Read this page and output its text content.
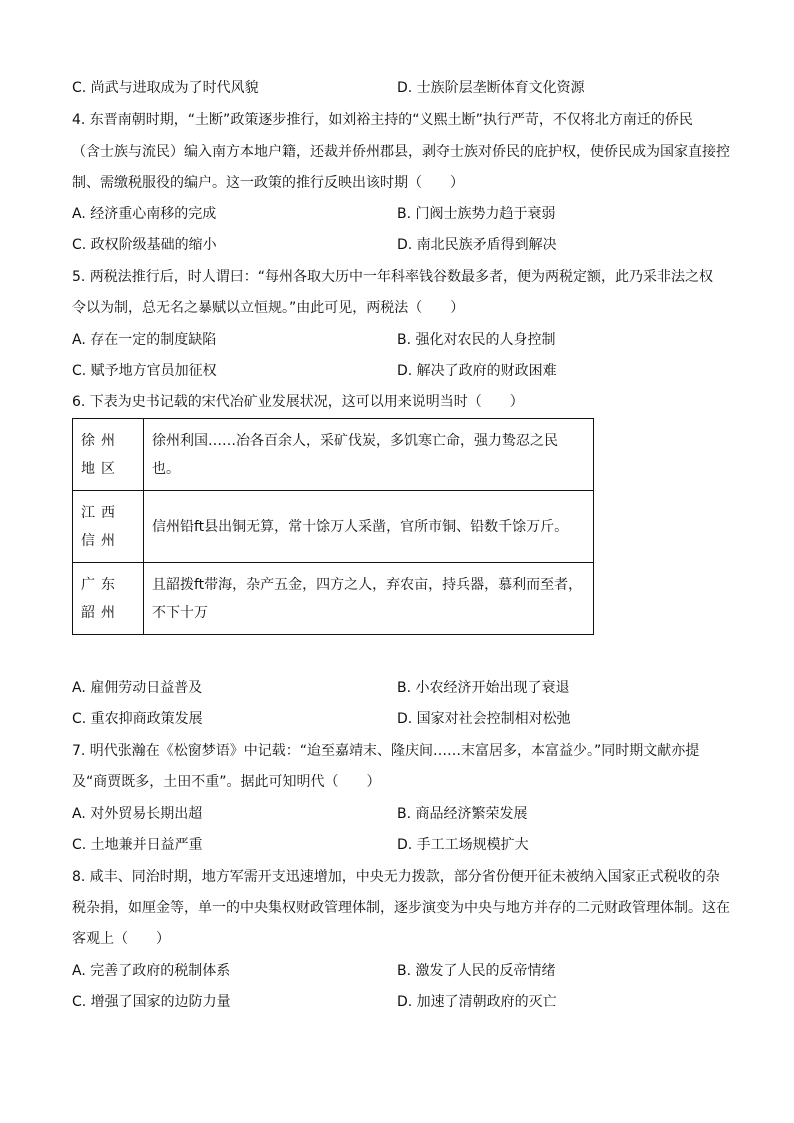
C. 尚武与进取成为了时代风貌	D. 士族阶层垄断体育文化资源
4. 东晋南朝时期，“土断”政策逐步推行，如刘裕主持的“义熙土断”执行严苛，不仅将北方南迁的侨民
（含士族与流民）编入南方本地户籍，还裁并侨州郡县，剥夺士族对侨民的庇护权，使侨民成为国家直接控
制、需缴税服役的编户。这一政策的推行反映出该时期（　　）
A. 经济重心南移的完成	B. 门阀士族势力趋于衰弱
C. 政权阶级基础的缩小	D. 南北民族矛盾得到解决
5. 两税法推行后，时人谓曰：“每州各取大历中一年科率钱谷数最多者，便为两税定额，此乃采非法之权
令以为制，总无名之暴赋以立恒规。”由此可见，两税法（　　）
A. 存在一定的制度缺陷	B. 强化对农民的人身控制
C. 赋予地方官员加征权	D. 解决了政府的财政困难
6. 下表为史书记载的宋代冶矿业发展状况，这可以用来说明当时（　　）
徐州地区	徐州利国……冶各百余人，采矿伐炭，多饥寒亡命，强力鸷忍之民也。
江西信州	信州铅ft县出铜无算，常十馀万人采凿，官所市铜、铅数千馀万斤。
广东韶州	且韶拨ft带海，杂产五金，四方之人，弃农亩，持兵器，慕利而至者，不下十万
A. 雇佣劳动日益普及	B. 小农经济开始出现了衰退
C. 重农抑商政策发展	D. 国家对社会控制相对松弛
7. 明代张瀚在《松窗梦语》中记载：“迨至嘉靖末、隆庆间……末富居多，本富益少。”同时期文献亦提
及“商贾既多，土田不重”。据此可知明代（　　）
A. 对外贸易长期出超	B. 商品经济繁荣发展
C. 土地兼并日益严重	D. 手工工场规模扩大
8. 咸丰、同治时期，地方军需开支迅速增加，中央无力拨款，部分省份便开征未被纳入国家正式税收的杂
税杂捐，如厘金等，单一的中央集权财政管理体制，逐步演变为中央与地方并存的二元财政管理体制。这在
客观上（　　）
A. 完善了政府的税制体系	B. 激发了人民的反帝情绪
C. 增强了国家的边防力量	D. 加速了清朝政府的灭亡
